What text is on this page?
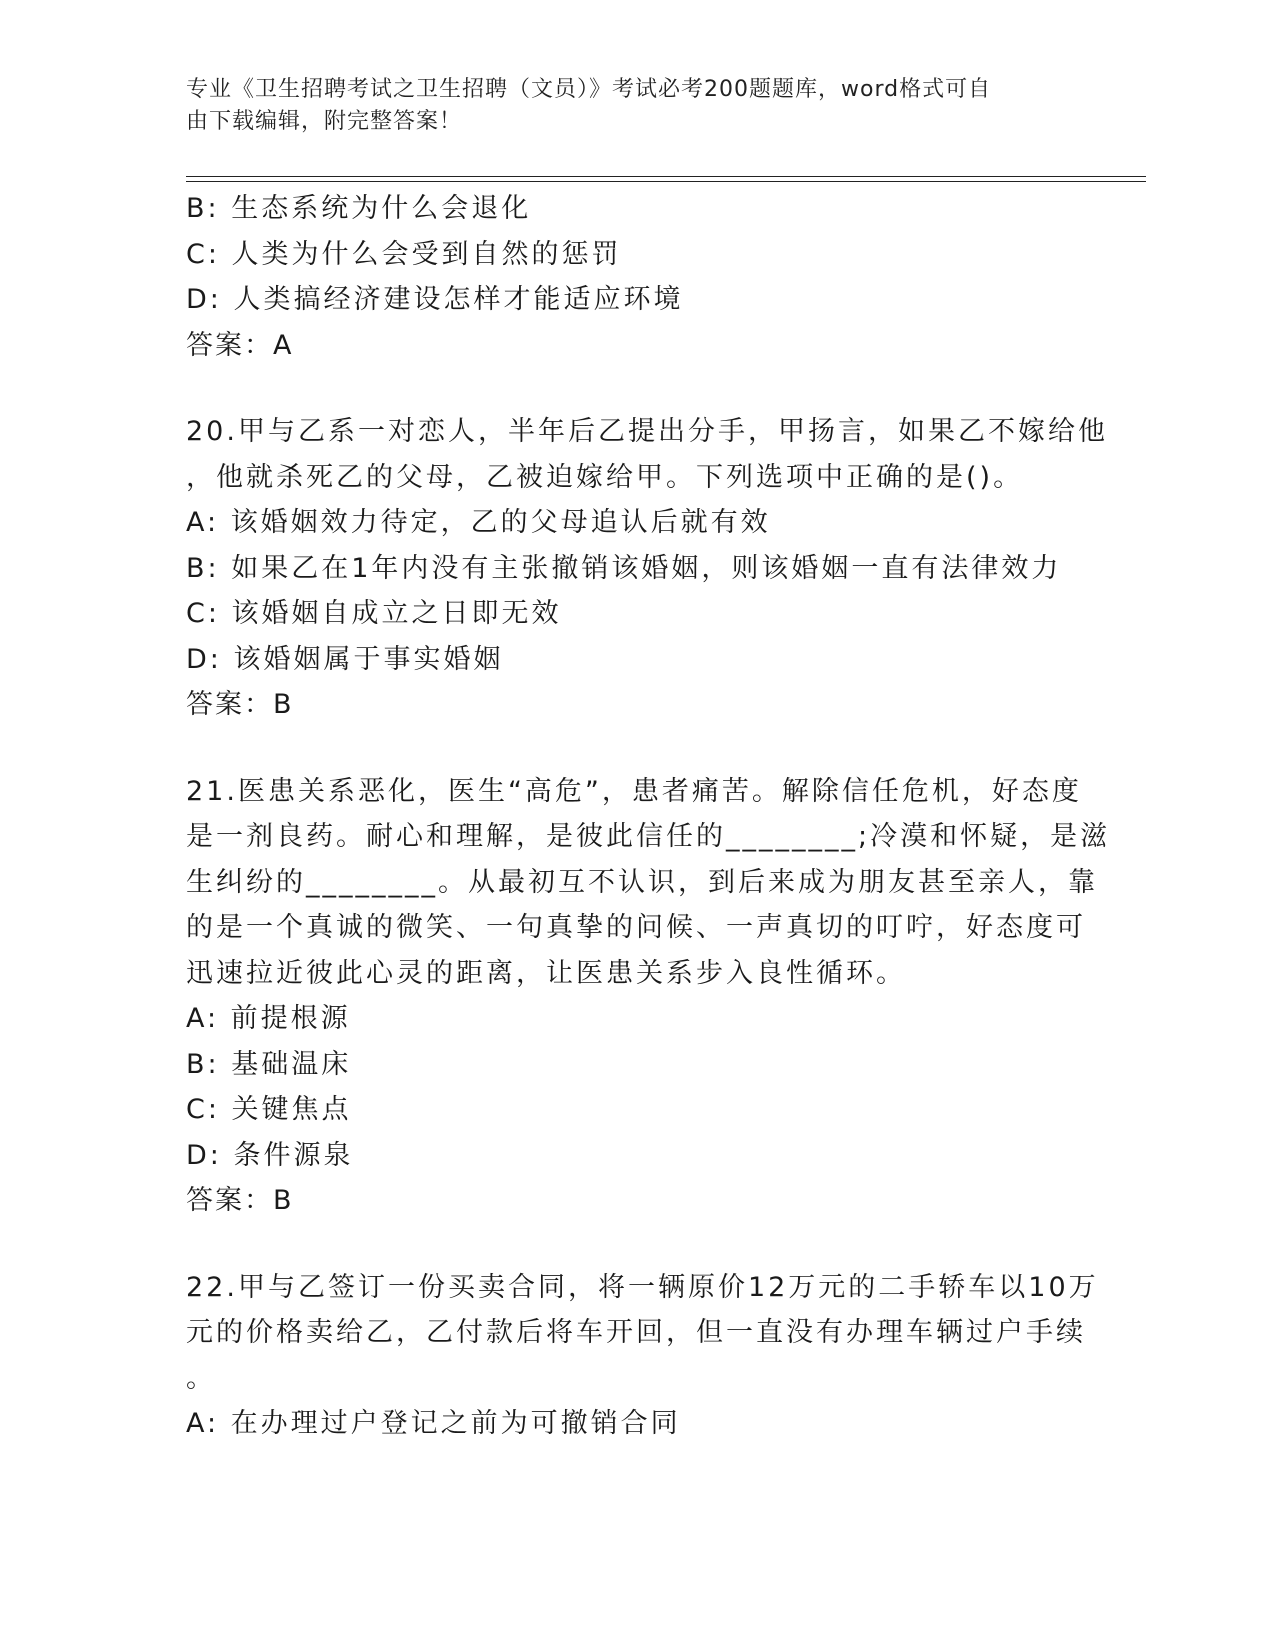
专业《卫生招聘考试之卫生招聘（文员）》考试必考200题题库，word格式可自
由下载编辑，附完整答案！
B: 生态系统为什么会退化
C: 人类为什么会受到自然的惩罚
D: 人类搞经济建设怎样才能适应环境
答案：A
20.甲与乙系一对恋人，半年后乙提出分手，甲扬言，如果乙不嫁给他
，他就杀死乙的父母，乙被迫嫁给甲。下列选项中正确的是()。
A: 该婚姻效力待定，乙的父母追认后就有效
B: 如果乙在1年内没有主张撤销该婚姻，则该婚姻一直有法律效力
C: 该婚姻自成立之日即无效
D: 该婚姻属于事实婚姻
答案：B
21.医患关系恶化，医生“高危”，患者痛苦。解除信任危机，好态度
是一剂良药。耐心和理解，是彼此信任的________;冷漠和怀疑，是滋
生纠纷的________。从最初互不认识，到后来成为朋友甚至亲人，靠
的是一个真诚的微笑、一句真挚的问候、一声真切的叮咛，好态度可
迅速拉近彼此心灵的距离，让医患关系步入良性循环。
A: 前提根源
B: 基础温床
C: 关键焦点
D: 条件源泉
答案：B
22.甲与乙签订一份买卖合同，将一辆原价12万元的二手轿车以10万
元的价格卖给乙，乙付款后将车开回，但一直没有办理车辆过户手续
。
A: 在办理过户登记之前为可撤销合同
